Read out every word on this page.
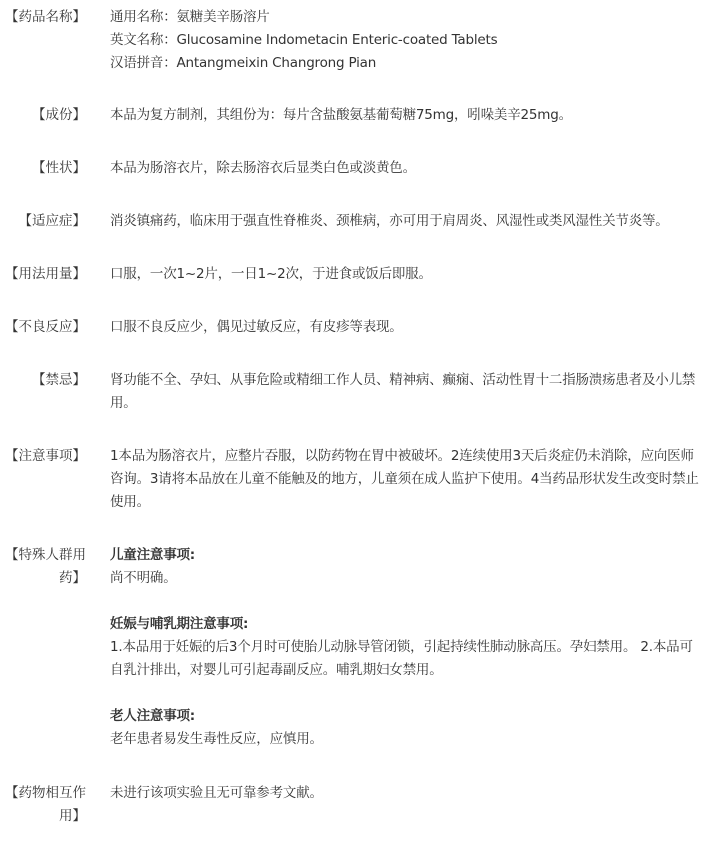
【药品名称】 通用名称：氨糖美辛肠溶片

英文名称：Glucosamine Indometacin Enteric-coated Tablets

汉语拼音：Antangmeixin Changrong Pian

【成份】 本品为复方制剂，其组份为：每片含盐酸氨基葡萄糖75mg，吲哚美辛25mg。
【性状】 本品为肠溶衣片，除去肠溶衣后显类白色或淡黄色。
【适应症】 消炎镇痛药，临床用于强直性脊椎炎、颈椎病，亦可用于肩周炎、风湿性或类风湿性关节炎等。
【用法用量】 口服，一次1~2片，一日1~2次，于进食或饭后即服。
【不良反应】 口服不良反应少，偶见过敏反应，有皮疹等表现。
【禁忌】 肾功能不全、孕妇、从事危险或精细工作人员、精神病、癫痫、活动性胃十二指肠溃疡患者及小儿禁用。
【注意事项】 1本品为肠溶衣片，应整片吞服，以防药物在胃中被破坏。2连续使用3天后炎症仍未消除，应向医师咨询。3请将本品放在儿童不能触及的地方，儿童须在成人监护下使用。4当药品形状发生改变时禁止使用。
【特殊人群用药】

儿童注意事项:

尚不明确。

妊娠与哺乳期注意事项:

1.本品用于妊娠的后3个月时可使胎儿动脉导管闭锁，引起持续性肺动脉高压。孕妇禁用。 2.本品可自乳汁排出，对婴儿可引起毒副反应。哺乳期妇女禁用。

老人注意事项:

老年患者易发生毒性反应，应慎用。

【药物相互作用】
未进行该项实验且无可靠参考文献。
